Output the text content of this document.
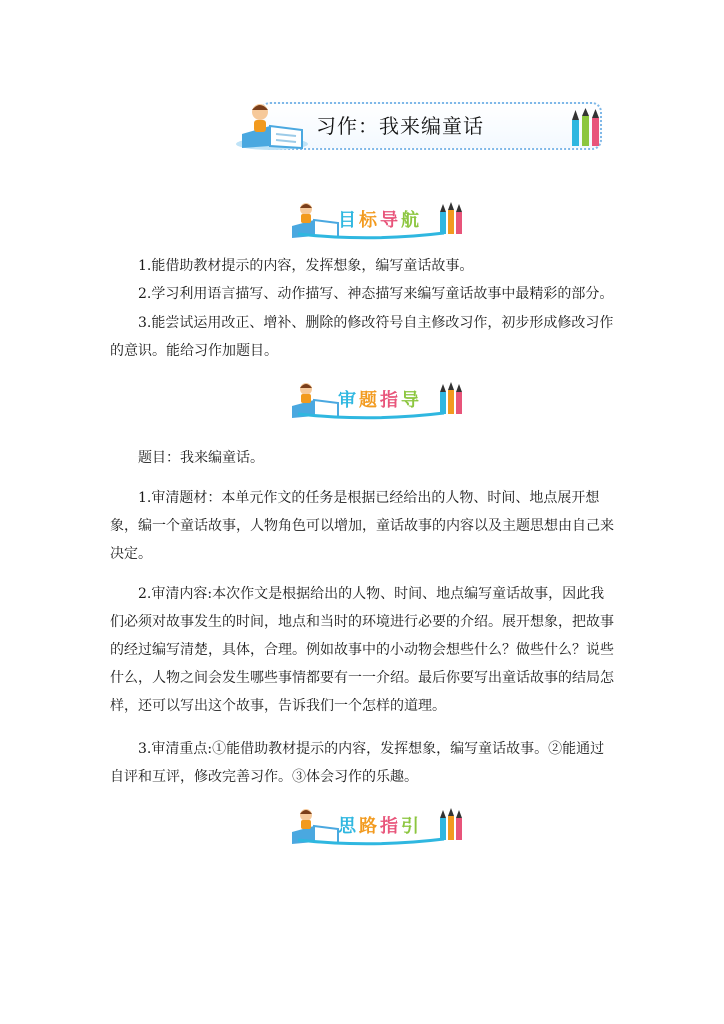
习作：我来编童话
目标导航
1.能借助教材提示的内容，发挥想象，编写童话故事。
2.学习利用语言描写、动作描写、神态描写来编写童话故事中最精彩的部分。

3.能尝试运用改正、增补、删除的修改符号自主修改习作，初步形成修改习作的意识。能给习作加题目。

审题指导
题目：我来编童话。

1.审清题材：本单元作文的任务是根据已经给出的人物、时间、地点展开想象，编一个童话故事，人物角色可以增加，童话故事的内容以及主题思想由自己来决定。

2.审清内容:本次作文是根据给出的人物、时间、地点编写童话故事，因此我们必须对故事发生的时间，地点和当时的环境进行必要的介绍。展开想象，把故事的经过编写清楚，具体，合理。例如故事中的小动物会想些什么？做些什么？说些什么，人物之间会发生哪些事情都要有一一介绍。最后你要写出童话故事的结局怎样，还可以写出这个故事，告诉我们一个怎样的道理。

3.审清重点:①能借助教材提示的内容，发挥想象，编写童话故事。②能通过自评和互评，修改完善习作。③体会习作的乐趣。

思路指引
